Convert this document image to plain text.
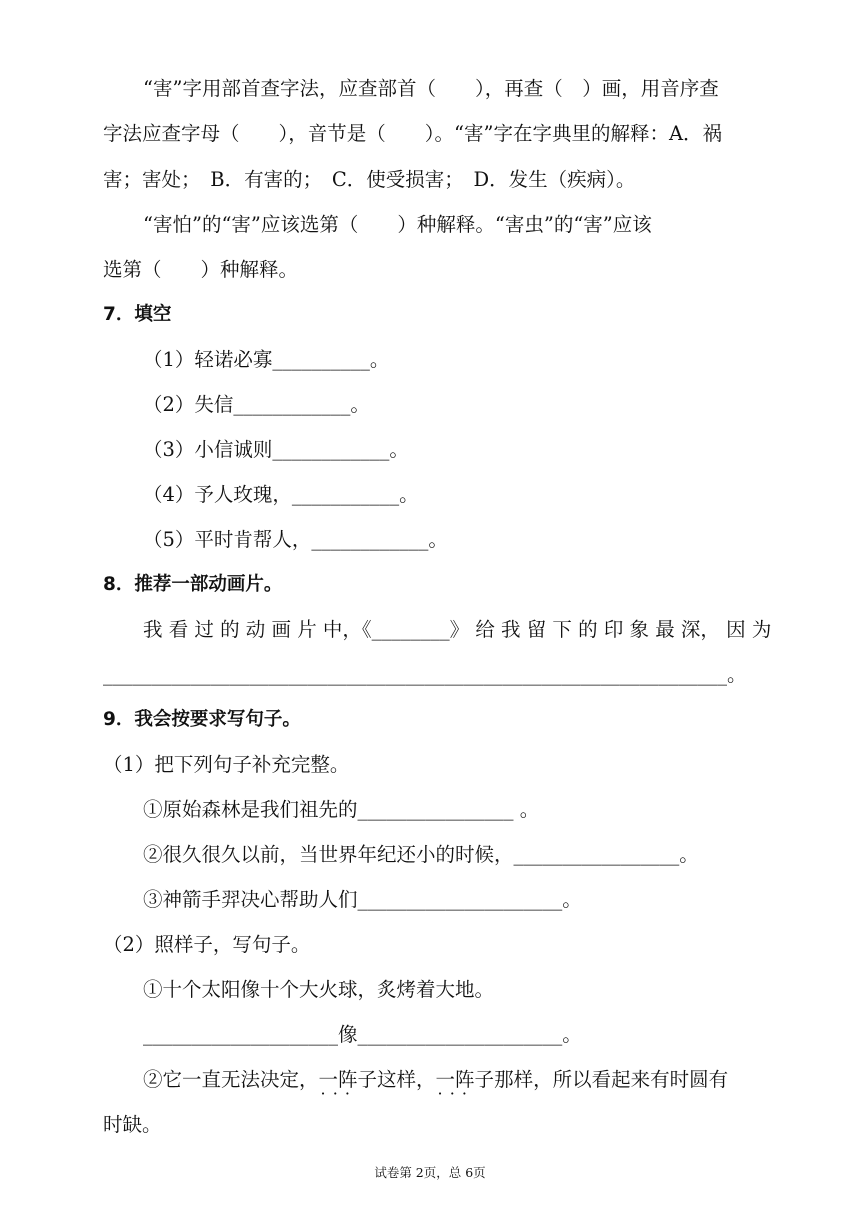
“害”字用部首查字法，应查部首（　　），再查（　）画，用音序查

字法应查字母（　　），音节是（　　）。“害”字在字典里的解释：A．祸

害；害处；　B．有害的；　C．使受损害；　D．发生（疾病）。

“害怕”的“害”应该选第（　　）种解释。“害虫”的“害”应该

选第（　　）种解释。

7．填空

（1）轻诺必寡__________。

（2）失信____________。

（3）小信诚则____________。

（4）予人玫瑰，___________。

（5）平时肯帮人，____________。

8．推荐一部动画片。

我 看 过 的 动 画 片 中，《________》 给 我 留 下 的 印 象 最 深， 因 为

________________________________________________________________。

9．我会按要求写句子。

（1）把下列句子补充完整。

①原始森林是我们祖先的________________ 。

②很久很久以前，当世界年纪还小的时候，_________________。

③神箭手羿决心帮助人们_____________________。

（2）照样子，写句子。

①十个太阳像十个大火球，炙烤着大地。

____________________像_____________________。

②它一直无法决定，一阵子 · · ·这样，一阵子 · · ·那样，所以看起来有时圆有

时缺。

试卷第 2页，总 6页
